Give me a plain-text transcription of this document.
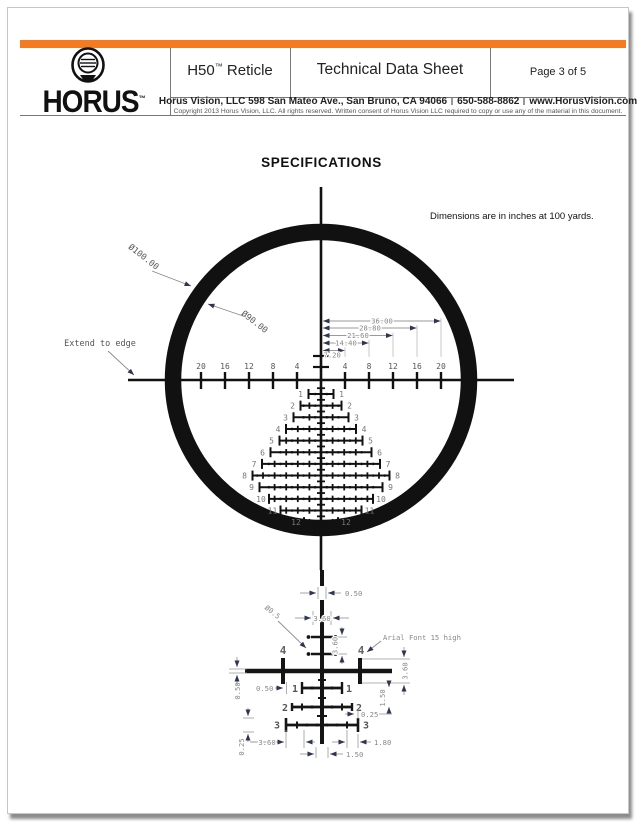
HORUS™
H50™ Reticle	Technical Data Sheet	Page 3 of 5
Horus Vision, LLC 598 San Mateo Ave., San Bruno, CA 94066 650-588-8862 www.HorusVision.com
Copyright 2013 Horus Vision, LLC. All rights reserved. Written consent of Horus Vision LLC required to copy or use any of the material in this document.
SPECIFICATIONS
Dimensions are in inches at 100 yards.
20 16 12 8 4	4 8 12 16 20
36.00
28.80
21.60
14.40
7.20
1	1
2	2
3	3
4	4
5	5
6	6
7	7
8	8
9	9
10	10
11	11
12	12
Ø100.00
Ø90.00
Extend to edge
4	4
1	1
2	2
3	3
0.50
3.60
3.60
Ø0.5
Arial Font 15 high
0.50 0.50
3.60
1.50
0.25
3.60
0.25	1.80
1.50
